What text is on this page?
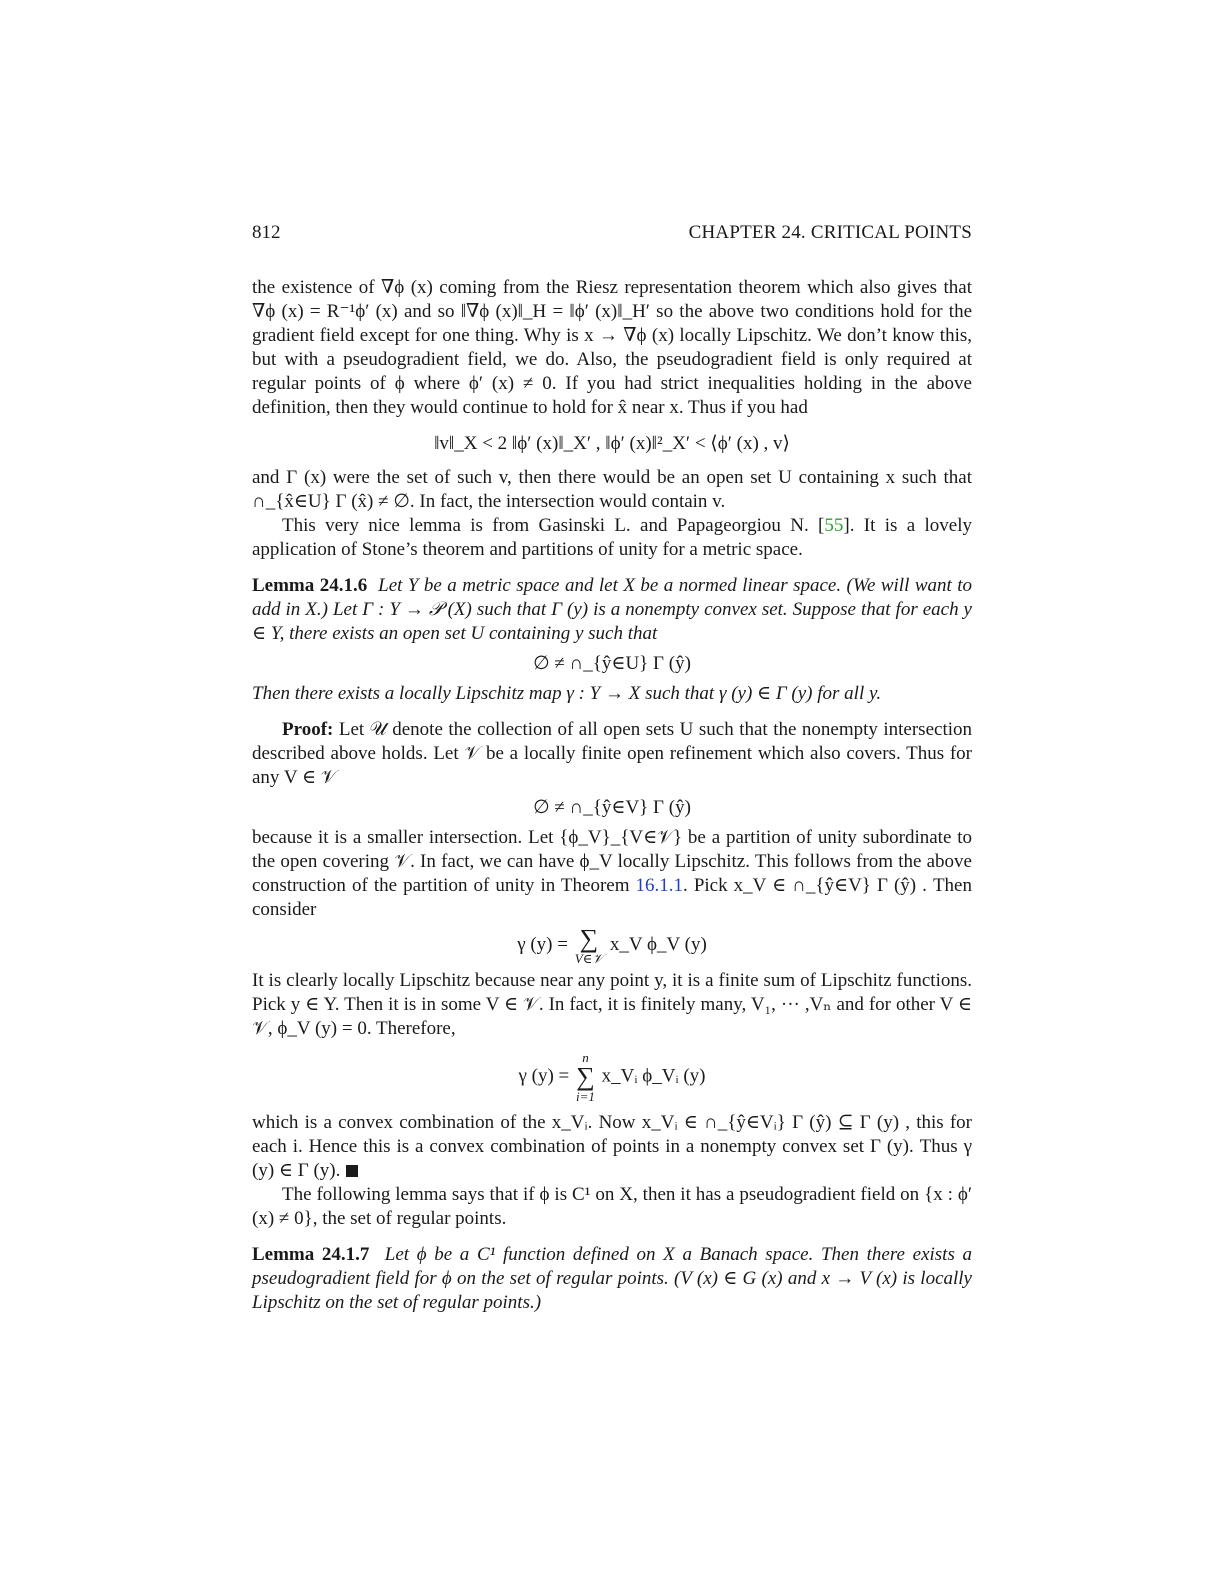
812	CHAPTER 24. CRITICAL POINTS

the existence of ∇ϕ (x) coming from the Riesz representation theorem which also gives that ∇ϕ (x) = R⁻¹ϕ′ (x) and so ‖∇ϕ (x)‖_H = ‖ϕ′ (x)‖_H′ so the above two conditions hold for the gradient field except for one thing. Why is x → ∇ϕ (x) locally Lipschitz. We don’t know this, but with a pseudogradient field, we do. Also, the pseudogradient field is only required at regular points of ϕ where ϕ′ (x) ≠ 0. If you had strict inequalities holding in the above definition, then they would continue to hold for x̂ near x. Thus if you had

‖v‖_X < 2 ‖ϕ′ (x)‖_X′ , ‖ϕ′ (x)‖²_X′ < ⟨ϕ′ (x) , v⟩

and Γ (x) were the set of such v, then there would be an open set U containing x such that ∩_{x̂∈U} Γ (x̂) ≠ ∅. In fact, the intersection would contain v.

This very nice lemma is from Gasinski L. and Papageorgiou N. [55]. It is a lovely application of Stone’s theorem and partitions of unity for a metric space.

Lemma 24.1.6 Let Y be a metric space and let X be a normed linear space. (We will want to add in X.) Let Γ : Y → 𝒫 (X) such that Γ (y) is a nonempty convex set. Suppose that for each y ∈ Y, there exists an open set U containing y such that

∅ ≠ ∩_{ŷ∈U} Γ (ŷ)

Then there exists a locally Lipschitz map γ : Y → X such that γ (y) ∈ Γ (y) for all y.

Proof: Let 𝒰 denote the collection of all open sets U such that the nonempty intersection described above holds. Let 𝒱 be a locally finite open refinement which also covers. Thus for any V ∈ 𝒱

∅ ≠ ∩_{ŷ∈V} Γ (ŷ)

because it is a smaller intersection. Let {ϕ_V}_{V∈𝒱} be a partition of unity subordinate to the open covering 𝒱. In fact, we can have ϕ_V locally Lipschitz. This follows from the above construction of the partition of unity in Theorem 16.1.1. Pick x_V ∈ ∩_{ŷ∈V} Γ (ŷ) . Then consider

γ (y) = ∑
V∈𝒱
x_V ϕ_V (y)

It is clearly locally Lipschitz because near any point y, it is a finite sum of Lipschitz functions. Pick y ∈ Y. Then it is in some V ∈ 𝒱. In fact, it is finitely many, V₁, ··· ,Vₙ and for other V ∈ 𝒱, ϕ_V (y) = 0. Therefore,

γ (y) =
n
∑
i=1
x_Vᵢ ϕ_Vᵢ (y)

which is a convex combination of the x_Vᵢ. Now x_Vᵢ ∈ ∩_{ŷ∈Vᵢ} Γ (ŷ) ⊆ Γ (y) , this for each i. Hence this is a convex combination of points in a nonempty convex set Γ (y). Thus γ (y) ∈ Γ (y).

The following lemma says that if ϕ is C¹ on X, then it has a pseudogradient field on {x : ϕ′ (x) ≠ 0}, the set of regular points.

Lemma 24.1.7 Let ϕ be a C¹ function defined on X a Banach space. Then there exists a pseudogradient field for ϕ on the set of regular points. (V (x) ∈ G (x) and x → V (x) is locally Lipschitz on the set of regular points.)
